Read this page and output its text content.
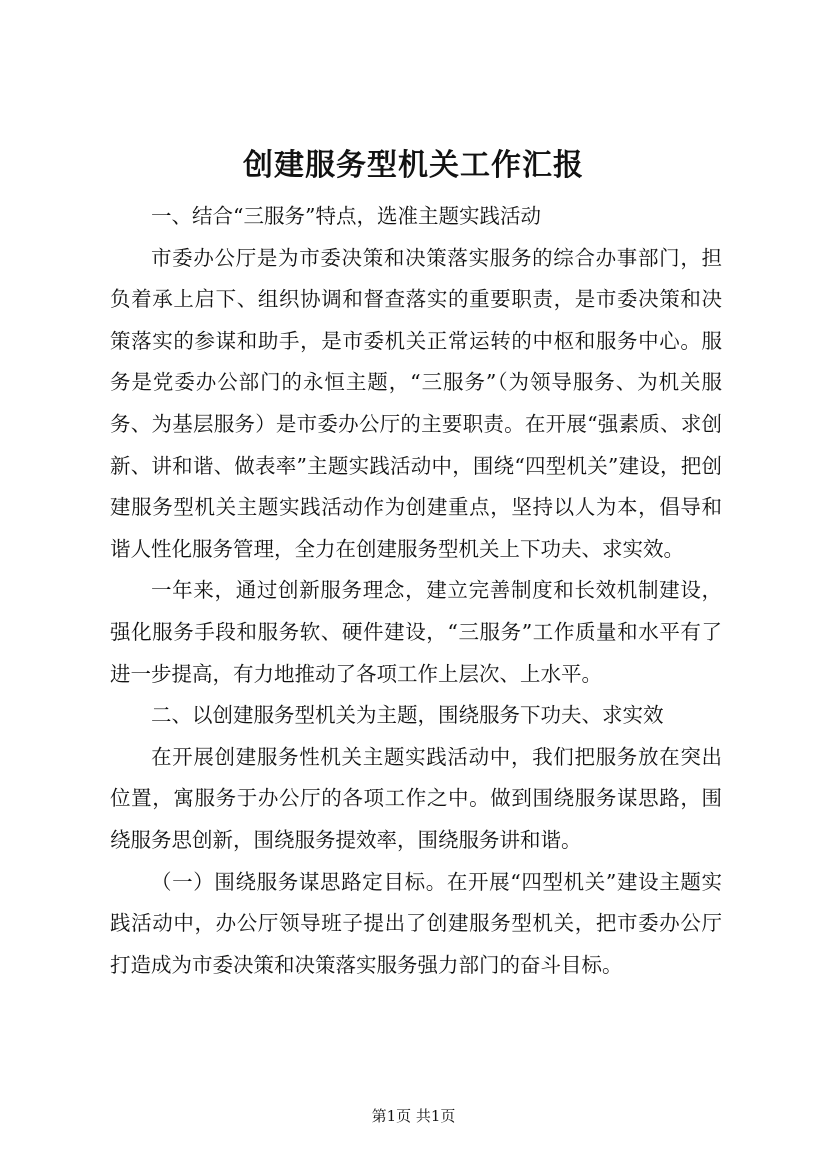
创建服务型机关工作汇报

一、结合“三服务”特点，选准主题实践活动

市委办公厅是为市委决策和决策落实服务的综合办事部门，担负着承上启下、组织协调和督查落实的重要职责，是市委决策和决策落实的参谋和助手，是市委机关正常运转的中枢和服务中心。服务是党委办公部门的永恒主题，“三服务”（为领导服务、为机关服务、为基层服务）是市委办公厅的主要职责。在开展“强素质、求创新、讲和谐、做表率”主题实践活动中，围绕“四型机关”建设，把创建服务型机关主题实践活动作为创建重点，坚持以人为本，倡导和谐人性化服务管理，全力在创建服务型机关上下功夫、求实效。

一年来，通过创新服务理念，建立完善制度和长效机制建设，强化服务手段和服务软、硬件建设，“三服务”工作质量和水平有了进一步提高，有力地推动了各项工作上层次、上水平。

二、以创建服务型机关为主题，围绕服务下功夫、求实效

在开展创建服务性机关主题实践活动中，我们把服务放在突出位置，寓服务于办公厅的各项工作之中。做到围绕服务谋思路，围绕服务思创新，围绕服务提效率，围绕服务讲和谐。

（一）围绕服务谋思路定目标。在开展“四型机关”建设主题实践活动中，办公厅领导班子提出了创建服务型机关，把市委办公厅打造成为市委决策和决策落实服务强力部门的奋斗目标。

第1页 共1页
